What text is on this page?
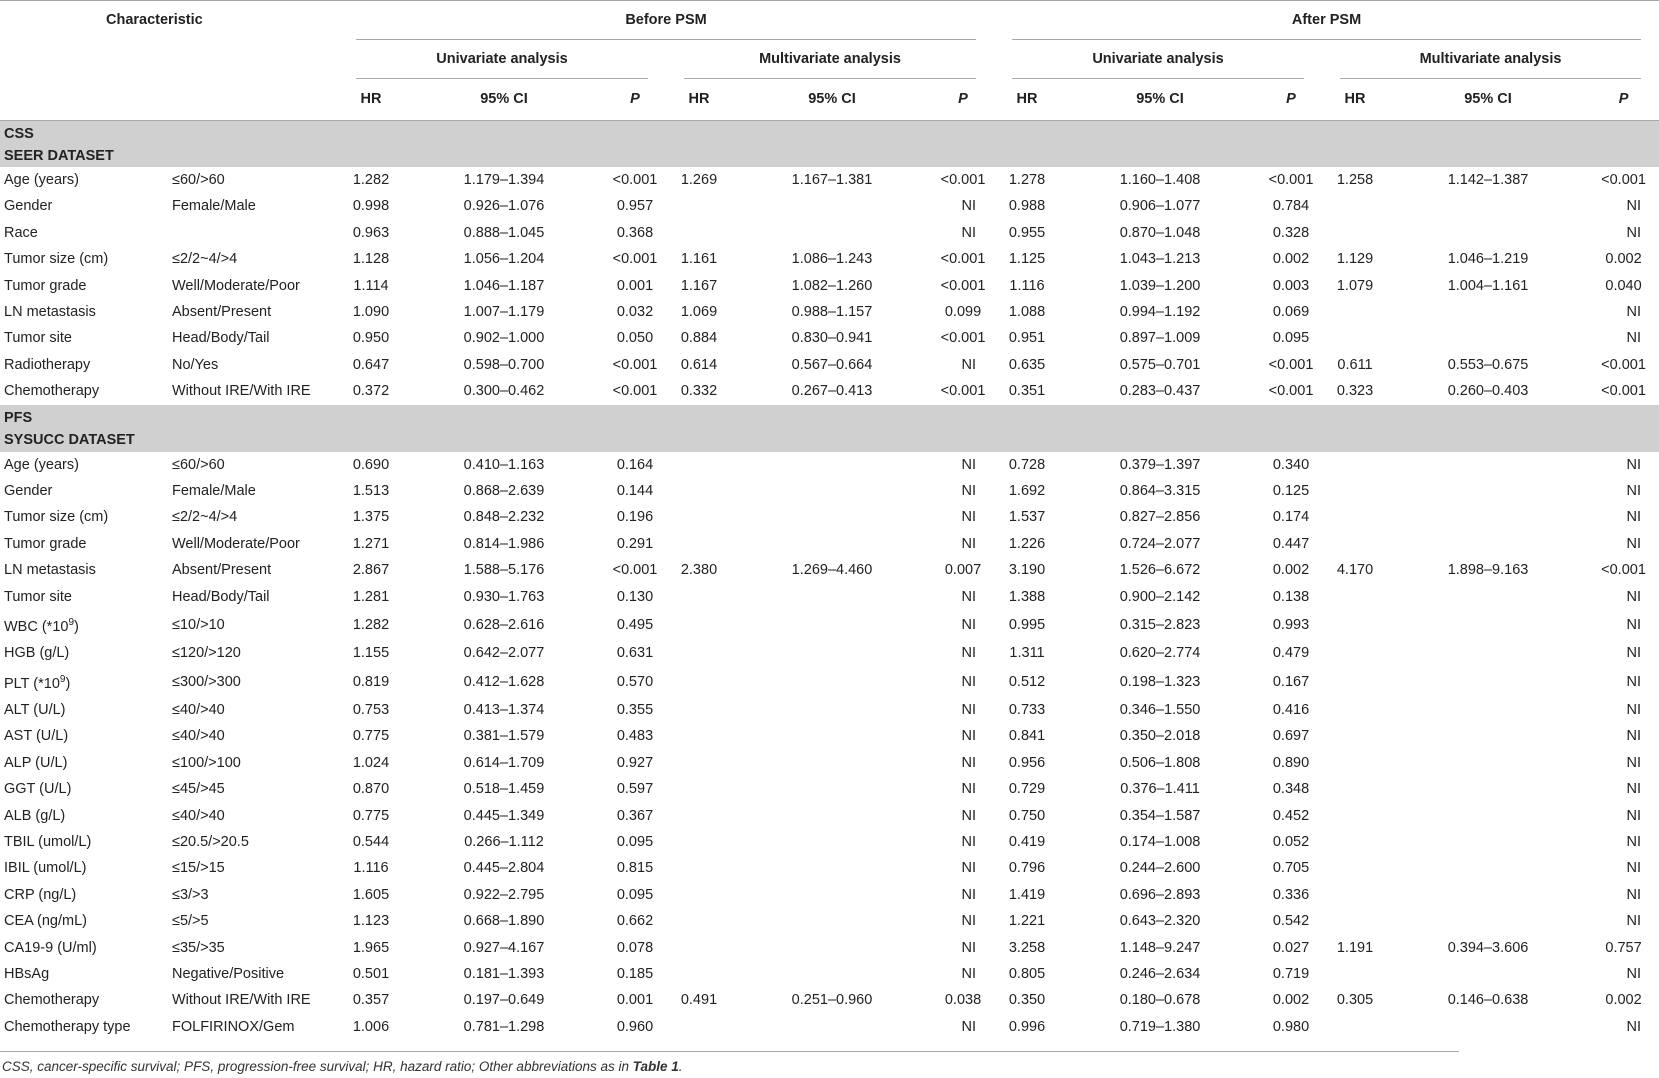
Characteristic		Before PSM						After PSM					
		Univariate analysis			Multivariate analysis			Univariate analysis			Multivariate analysis		
		HR	95% CI	P	HR	95% CI	P	HR	95% CI	P	HR	95% CI	P

CSS
SEER DATASET													

Age (years)	≤60/>60	1.282	1.179–1.394	<0.001	1.269	1.167–1.381	<0.001	1.278	1.160–1.408	<0.001	1.258	1.142–1.387	<0.001
Gender	Female/Male	0.998	0.926–1.076	0.957			NI	0.988	0.906–1.077	0.784			NI
Race		0.963	0.888–1.045	0.368			NI	0.955	0.870–1.048	0.328			NI
Tumor size (cm)	≤2/2~4/>4	1.128	1.056–1.204	<0.001	1.161	1.086–1.243	<0.001	1.125	1.043–1.213	0.002	1.129	1.046–1.219	0.002
Tumor grade	Well/Moderate/Poor	1.114	1.046–1.187	0.001	1.167	1.082–1.260	<0.001	1.116	1.039–1.200	0.003	1.079	1.004–1.161	0.040
LN metastasis	Absent/Present	1.090	1.007–1.179	0.032	1.069	0.988–1.157	0.099	1.088	0.994–1.192	0.069			NI
Tumor site	Head/Body/Tail	0.950	0.902–1.000	0.050	0.884	0.830–0.941	<0.001	0.951	0.897–1.009	0.095			NI
Radiotherapy	No/Yes	0.647	0.598–0.700	<0.001	0.614	0.567–0.664	NI	0.635	0.575–0.701	<0.001	0.611	0.553–0.675	<0.001
Chemotherapy	Without IRE/With IRE	0.372	0.300–0.462	<0.001	0.332	0.267–0.413	<0.001	0.351	0.283–0.437	<0.001	0.323	0.260–0.403	<0.001

PFS
SYSUCC DATASET													

Age (years)	≤60/>60	0.690	0.410–1.163	0.164			NI	0.728	0.379–1.397	0.340			NI
Gender	Female/Male	1.513	0.868–2.639	0.144			NI	1.692	0.864–3.315	0.125			NI
Tumor size (cm)	≤2/2~4/>4	1.375	0.848–2.232	0.196			NI	1.537	0.827–2.856	0.174			NI
Tumor grade	Well/Moderate/Poor	1.271	0.814–1.986	0.291			NI	1.226	0.724–2.077	0.447			NI
LN metastasis	Absent/Present	2.867	1.588–5.176	<0.001	2.380	1.269–4.460	0.007	3.190	1.526–6.672	0.002	4.170	1.898–9.163	<0.001
Tumor site	Head/Body/Tail	1.281	0.930–1.763	0.130			NI	1.388	0.900–2.142	0.138			NI
WBC $(*10^9)$	≤10/>10	1.282	0.628–2.616	0.495			NI	0.995	0.315–2.823	0.993			NI
HGB (g/L)	≤120/>120	1.155	0.642–2.077	0.631			NI	1.311	0.620–2.774	0.479			NI
PLT $(*10^9)$	≤300/>300	0.819	0.412–1.628	0.570			NI	0.512	0.198–1.323	0.167			NI
ALT (U/L)	≤40/>40	0.753	0.413–1.374	0.355			NI	0.733	0.346–1.550	0.416			NI
AST (U/L)	≤40/>40	0.775	0.381–1.579	0.483			NI	0.841	0.350–2.018	0.697			NI
ALP (U/L)	≤100/>100	1.024	0.614–1.709	0.927			NI	0.956	0.506–1.808	0.890			NI
GGT (U/L)	≤45/>45	0.870	0.518–1.459	0.597			NI	0.729	0.376–1.411	0.348			NI
ALB (g/L)	≤40/>40	0.775	0.445–1.349	0.367			NI	0.750	0.354–1.587	0.452			NI
TBIL (umol/L)	≤20.5/>20.5	0.544	0.266–1.112	0.095			NI	0.419	0.174–1.008	0.052			NI
IBIL (umol/L)	≤15/>15	1.116	0.445–2.804	0.815			NI	0.796	0.244–2.600	0.705			NI
CRP (ng/L)	≤3/>3	1.605	0.922–2.795	0.095			NI	1.419	0.696–2.893	0.336			NI
CEA (ng/mL)	≤5/>5	1.123	0.668–1.890	0.662			NI	1.221	0.643–2.320	0.542			NI
CA19-9 (U/ml)	≤35/>35	1.965	0.927–4.167	0.078			NI	3.258	1.148–9.247	0.027	1.191	0.394–3.606	0.757
HBsAg	Negative/Positive	0.501	0.181–1.393	0.185			NI	0.805	0.246–2.634	0.719			NI
Chemotherapy	Without IRE/With IRE	0.357	0.197–0.649	0.001	0.491	0.251–0.960	0.038	0.350	0.180–0.678	0.002	0.305	0.146–0.638	0.002
Chemotherapy type	FOLFIRINOX/Gem	1.006	0.781–1.298	0.960			NI	0.996	0.719–1.380	0.980			NI
CSS, cancer-specific survival; PFS, progression-free survival; HR, hazard ratio; Other abbreviations as in Table 1.
